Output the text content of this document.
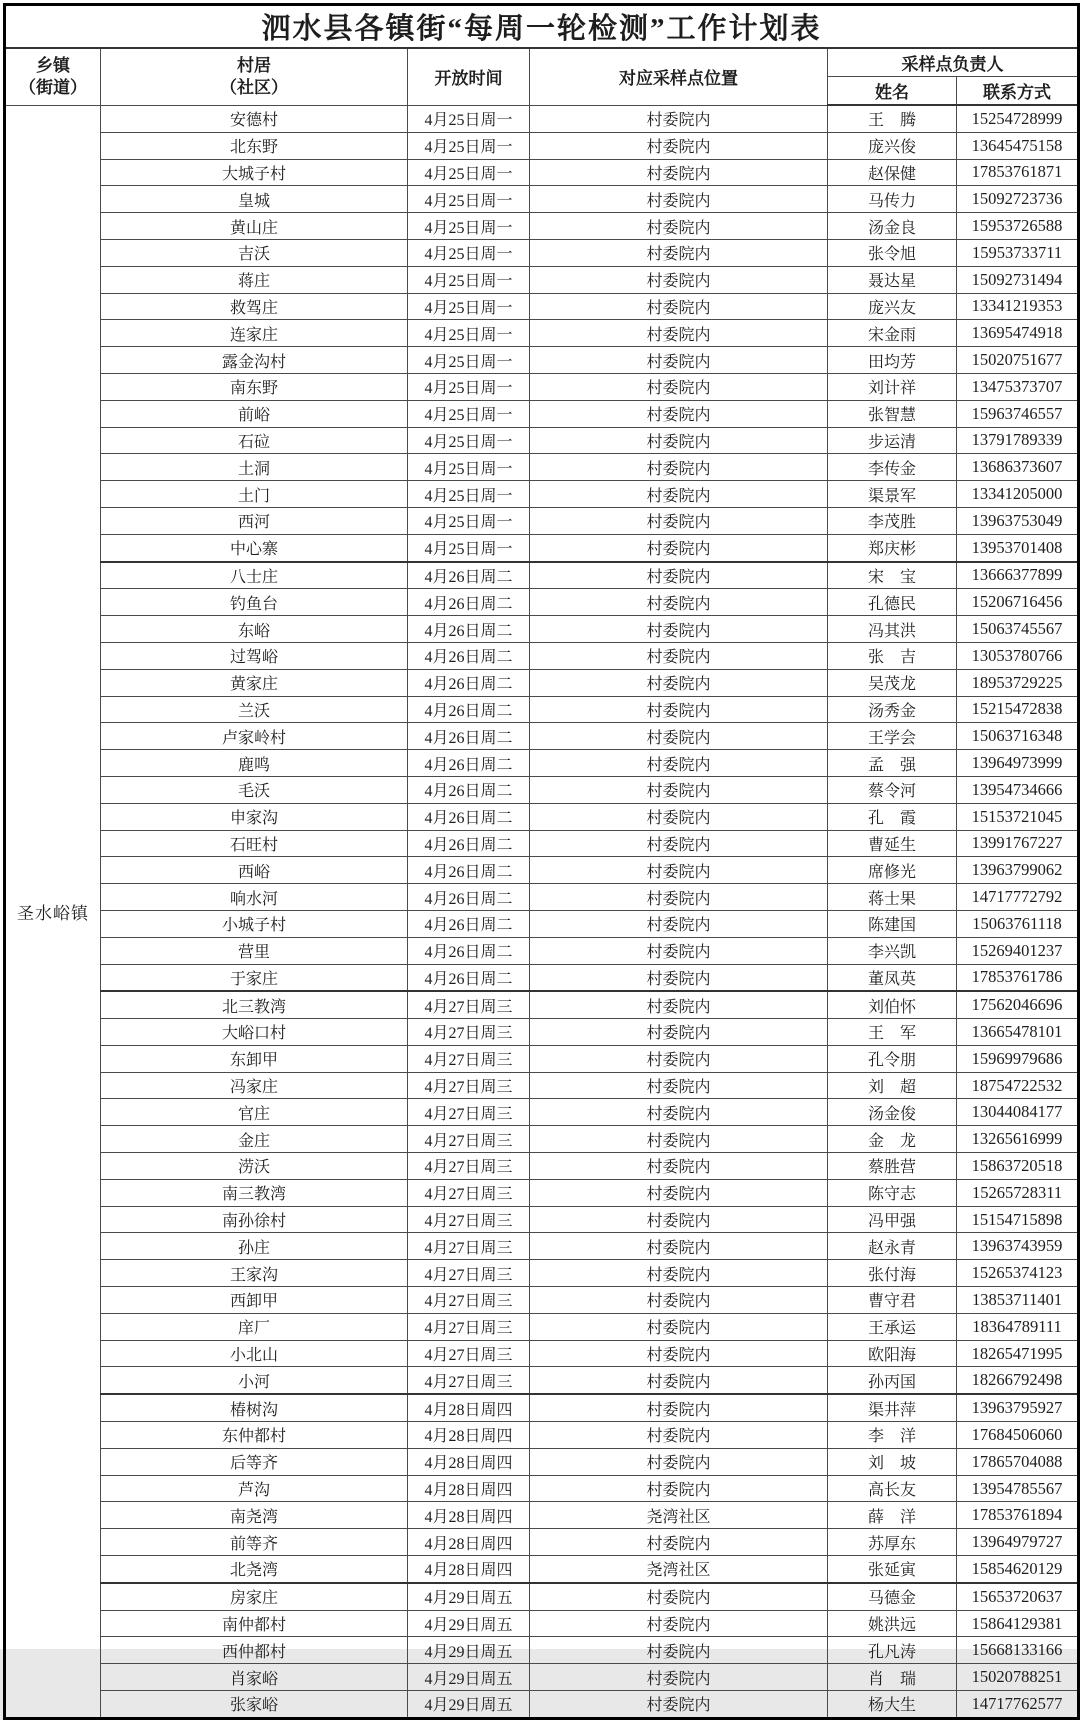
泗水县各镇街“每周一轮检测”工作计划表					

乡镇
（街道）	村居
（社区）	开放时间	对应采样点位置	采样点负责人	
				姓名	联系方式
圣水峪镇	安德村	4月25日周一	村委院内	王　腾	15254728999
	北东野	4月25日周一	村委院内	庞兴俊	13645475158
	大城子村	4月25日周一	村委院内	赵保健	17853761871
	皇城	4月25日周一	村委院内	马传力	15092723736
	黄山庄	4月25日周一	村委院内	汤金良	15953726588
	吉沃	4月25日周一	村委院内	张令旭	15953733711
	蒋庄	4月25日周一	村委院内	聂达星	15092731494
	救驾庄	4月25日周一	村委院内	庞兴友	13341219353
	连家庄	4月25日周一	村委院内	宋金雨	13695474918
	露金沟村	4月25日周一	村委院内	田均芳	15020751677
	南东野	4月25日周一	村委院内	刘计祥	13475373707
	前峪	4月25日周一	村委院内	张智慧	15963746557
	石砬	4月25日周一	村委院内	步运清	13791789339
	土洞	4月25日周一	村委院内	李传金	13686373607
	土门	4月25日周一	村委院内	渠景军	13341205000
	西河	4月25日周一	村委院内	李茂胜	13963753049
	中心寨	4月25日周一	村委院内	郑庆彬	13953701408
	八士庄	4月26日周二	村委院内	宋　宝	13666377899
	钓鱼台	4月26日周二	村委院内	孔德民	15206716456
	东峪	4月26日周二	村委院内	冯其洪	15063745567
	过驾峪	4月26日周二	村委院内	张　吉	13053780766
	黄家庄	4月26日周二	村委院内	吴茂龙	18953729225
	兰沃	4月26日周二	村委院内	汤秀金	15215472838
	卢家岭村	4月26日周二	村委院内	王学会	15063716348
	鹿鸣	4月26日周二	村委院内	孟　强	13964973999
	毛沃	4月26日周二	村委院内	蔡令河	13954734666
	申家沟	4月26日周二	村委院内	孔　霞	15153721045
	石旺村	4月26日周二	村委院内	曹延生	13991767227
	西峪	4月26日周二	村委院内	席修光	13963799062
	响水河	4月26日周二	村委院内	蒋士果	14717772792
	小城子村	4月26日周二	村委院内	陈建国	15063761118
	营里	4月26日周二	村委院内	李兴凯	15269401237
	于家庄	4月26日周二	村委院内	董凤英	17853761786
	北三教湾	4月27日周三	村委院内	刘伯怀	17562046696
	大峪口村	4月27日周三	村委院内	王　军	13665478101
	东卸甲	4月27日周三	村委院内	孔令朋	15969979686
	冯家庄	4月27日周三	村委院内	刘　超	18754722532
	官庄	4月27日周三	村委院内	汤金俊	13044084177
	金庄	4月27日周三	村委院内	金　龙	13265616999
	涝沃	4月27日周三	村委院内	蔡胜营	15863720518
	南三教湾	4月27日周三	村委院内	陈守志	15265728311
	南孙徐村	4月27日周三	村委院内	冯甲强	15154715898
	孙庄	4月27日周三	村委院内	赵永青	13963743959
	王家沟	4月27日周三	村委院内	张付海	15265374123
	西卸甲	4月27日周三	村委院内	曹守君	13853711401
	庠厂	4月27日周三	村委院内	王承运	18364789111
	小北山	4月27日周三	村委院内	欧阳海	18265471995
	小河	4月27日周三	村委院内	孙丙国	18266792498
	椿树沟	4月28日周四	村委院内	渠井萍	13963795927
	东仲都村	4月28日周四	村委院内	李　洋	17684506060
	后等齐	4月28日周四	村委院内	刘　坡	17865704088
	芦沟	4月28日周四	村委院内	高长友	13954785567
	南尧湾	4月28日周四	尧湾社区	薛　洋	17853761894
	前等齐	4月28日周四	村委院内	苏厚东	13964979727
	北尧湾	4月28日周四	尧湾社区	张延寅	15854620129
	房家庄	4月29日周五	村委院内	马德金	15653720637
	南仲都村	4月29日周五	村委院内	姚洪远	15864129381
	西仲都村	4月29日周五	村委院内	孔凡涛	15668133166
	肖家峪	4月29日周五	村委院内	肖　瑞	15020788251
	张家峪	4月29日周五	村委院内	杨大生	14717762577
